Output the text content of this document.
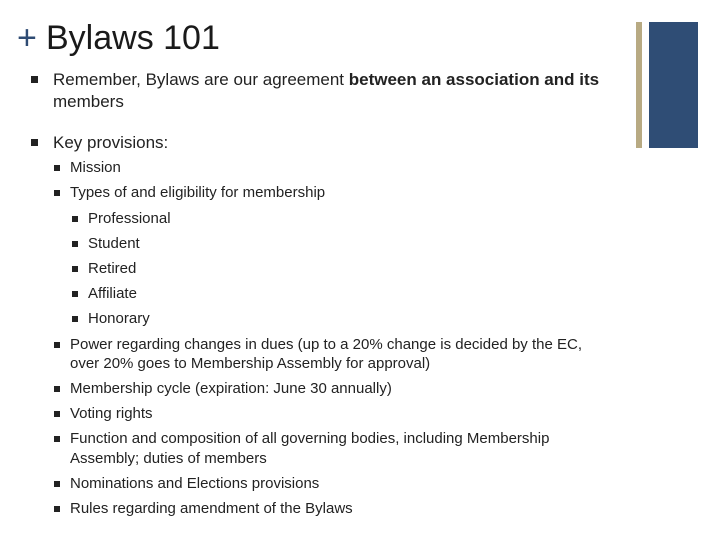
+ Bylaws 101
Remember, Bylaws are our agreement between an association and its
members
Key provisions:
Mission
Types of and eligibility for membership
Professional
Student
Retired
Affiliate
Honorary
Power regarding changes in dues (up to a 20% change is decided by the EC,
over 20% goes to Membership Assembly for approval)
Membership cycle (expiration: June 30 annually)
Voting rights
Function and composition of all governing bodies, including Membership
Assembly; duties of members
Nominations and Elections provisions
Rules regarding amendment of the Bylaws
